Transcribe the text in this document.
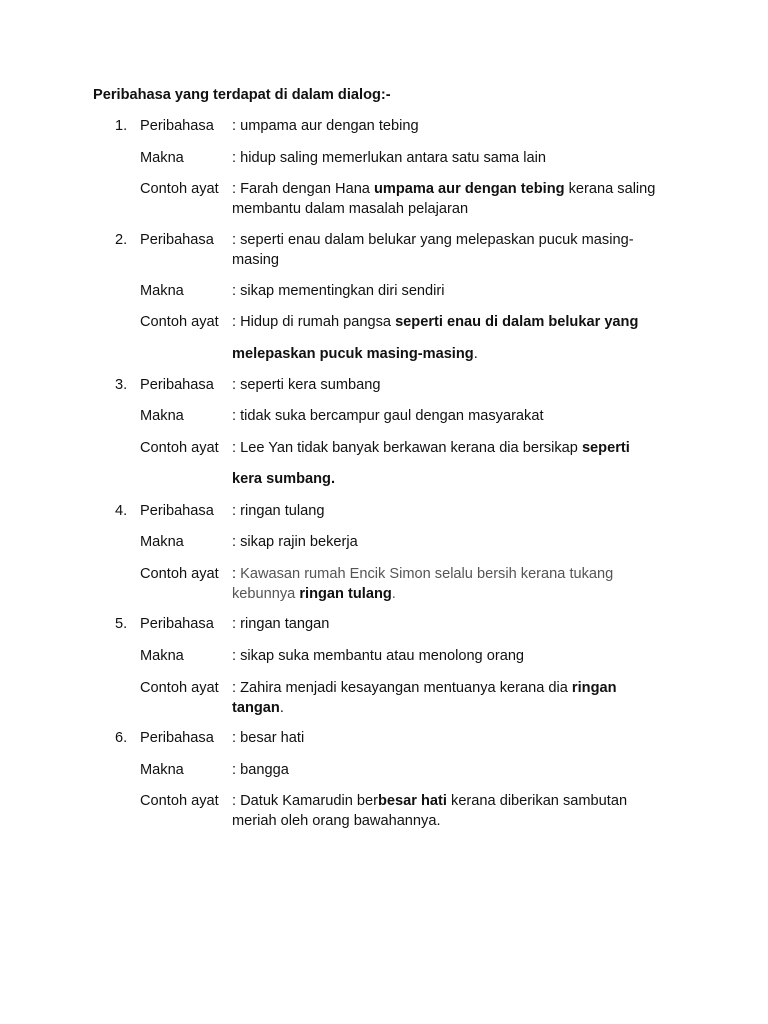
Peribahasa yang terdapat di dalam dialog:-
1. Peribahasa : umpama aur dengan tebing
Makna	: hidup saling memerlukan antara satu sama lain
Contoh ayat : Farah dengan Hana umpama aur dengan tebing kerana saling membantu dalam masalah pelajaran
2. Peribahasa : seperti enau dalam belukar yang melepaskan pucuk masing-masing
Makna	: sikap mementingkan diri sendiri
Contoh ayat : Hidup di rumah pangsa seperti enau di dalam belukar yang
melepaskan pucuk masing-masing.
3. Peribahasa : seperti kera sumbang
Makna	: tidak suka bercampur gaul dengan masyarakat
Contoh ayat : Lee Yan tidak banyak berkawan kerana dia bersikap seperti
kera sumbang.
4. Peribahasa : ringan tulang
Makna	: sikap rajin bekerja
Contoh ayat : Kawasan rumah Encik Simon selalu bersih kerana tukang kebunnya ringan tulang.
5. Peribahasa : ringan tangan
Makna	: sikap suka membantu atau menolong orang
Contoh ayat : Zahira menjadi kesayangan mentuanya kerana dia ringan tangan.
6. Peribahasa : besar hati
Makna	: bangga
Contoh ayat : Datuk Kamarudin berbesar hati kerana diberikan sambutan meriah oleh orang bawahannya.
